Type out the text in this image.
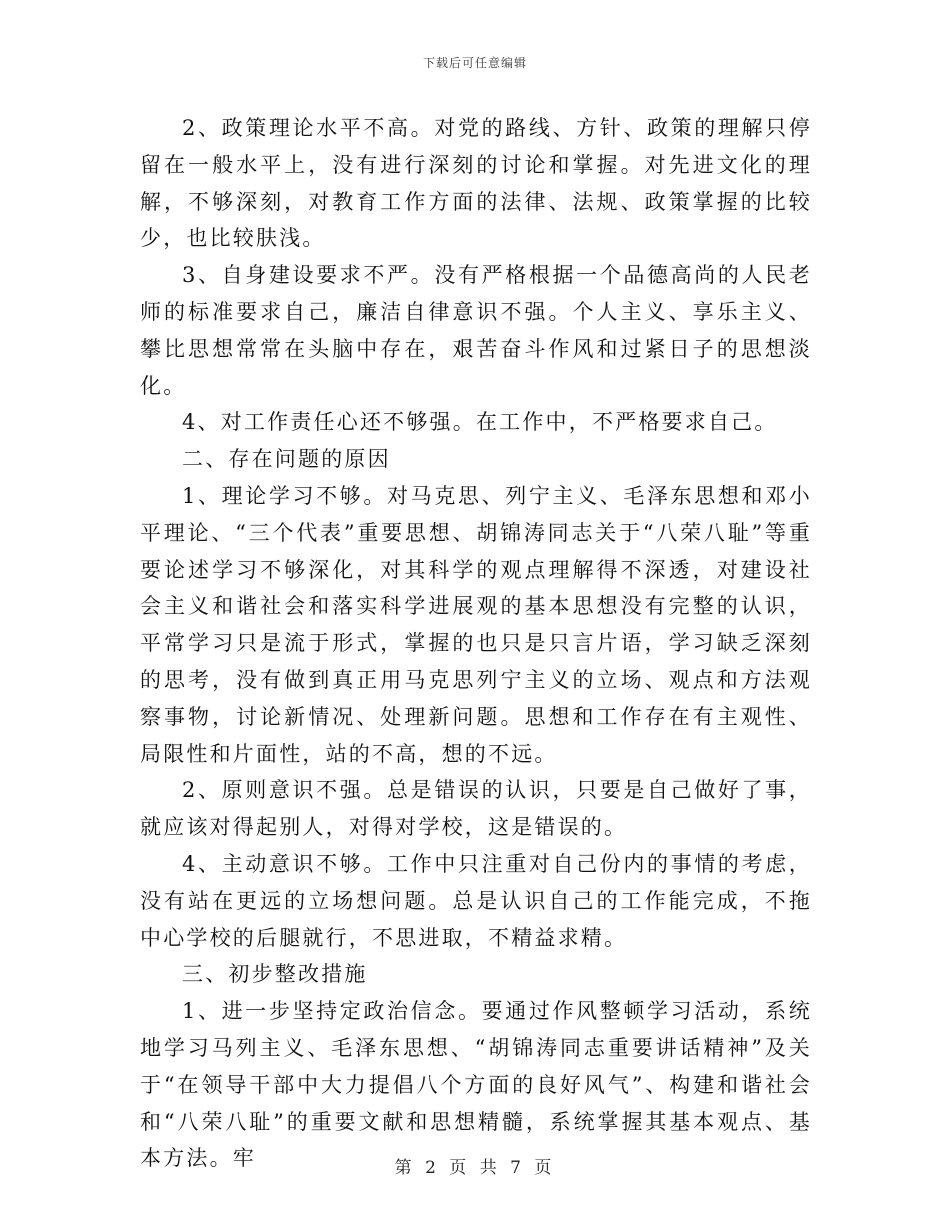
下载后可任意编辑

2、政策理论水平不高。对党的路线、方针、政策的理解只停留在一般水平上，没有进行深刻的讨论和掌握。对先进文化的理解，不够深刻，对教育工作方面的法律、法规、政策掌握的比较少，也比较肤浅。

3、自身建设要求不严。没有严格根据一个品德高尚的人民老师的标准要求自己，廉洁自律意识不强。个人主义、享乐主义、攀比思想常常在头脑中存在，艰苦奋斗作风和过紧日子的思想淡化。

4、对工作责任心还不够强。在工作中，不严格要求自己。

二、存在问题的原因

1、理论学习不够。对马克思、列宁主义、毛泽东思想和邓小平理论、“三个代表”重要思想、胡锦涛同志关于“八荣八耻”等重要论述学习不够深化，对其科学的观点理解得不深透，对建设社会主义和谐社会和落实科学进展观的基本思想没有完整的认识，平常学习只是流于形式，掌握的也只是只言片语，学习缺乏深刻的思考，没有做到真正用马克思列宁主义的立场、观点和方法观察事物，讨论新情况、处理新问题。思想和工作存在有主观性、局限性和片面性，站的不高，想的不远。

2、原则意识不强。总是错误的认识，只要是自己做好了事，就应该对得起别人，对得对学校，这是错误的。

4、主动意识不够。工作中只注重对自己份内的事情的考虑，没有站在更远的立场想问题。总是认识自己的工作能完成，不拖中心学校的后腿就行，不思进取，不精益求精。

三、初步整改措施

1、进一步坚持定政治信念。要通过作风整顿学习活动，系统地学习马列主义、毛泽东思想、“胡锦涛同志重要讲话精神”及关于“在领导干部中大力提倡八个方面的良好风气”、构建和谐社会和“八荣八耻”的重要文献和思想精髓，系统掌握其基本观点、基本方法。牢	第 2 页 共 7 页
